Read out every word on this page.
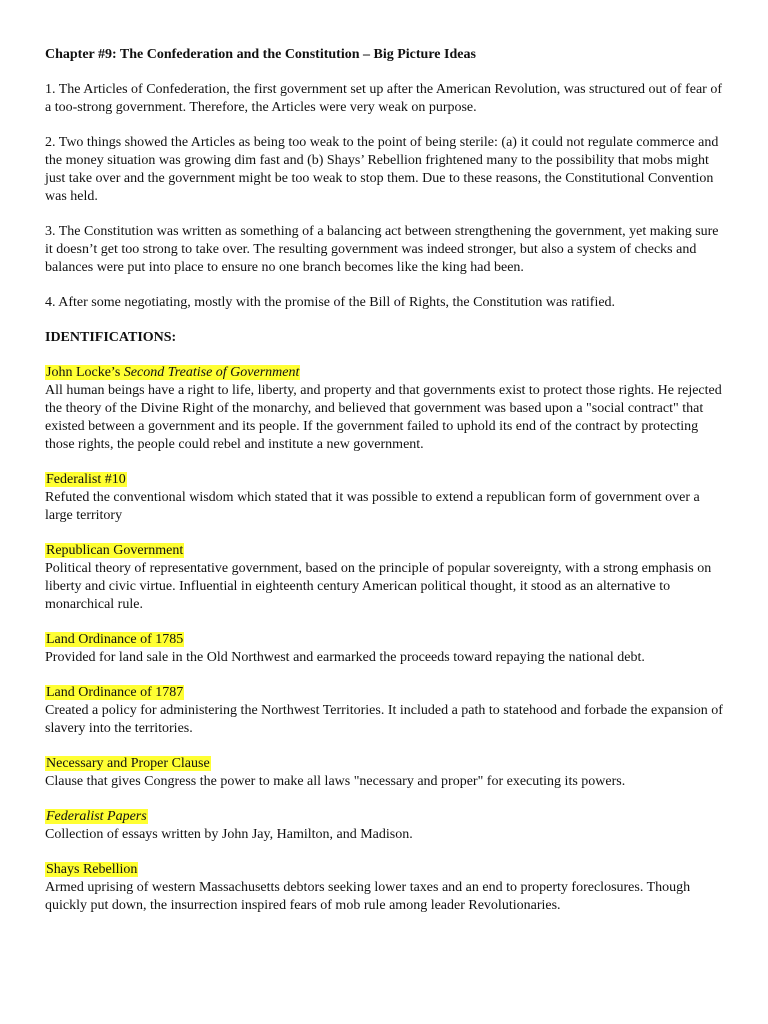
Chapter #9: The Confederation and the Constitution – Big Picture Ideas

1. The Articles of Confederation, the first government set up after the American Revolution, was structured out of fear of a too-strong government. Therefore, the Articles were very weak on purpose.

2. Two things showed the Articles as being too weak to the point of being sterile: (a) it could not regulate commerce and the money situation was growing dim fast and (b) Shays’ Rebellion frightened many to the possibility that mobs might just take over and the government might be too weak to stop them. Due to these reasons, the Constitutional Convention was held.

3. The Constitution was written as something of a balancing act between strengthening the government, yet making sure it doesn’t get too strong to take over. The resulting government was indeed stronger, but also a system of checks and balances were put into place to ensure no one branch becomes like the king had been.

4. After some negotiating, mostly with the promise of the Bill of Rights, the Constitution was ratified.

IDENTIFICATIONS:
John Locke’s Second Treatise of Government
All human beings have a right to life, liberty, and property and that governments exist to protect those rights. He rejected the theory of the Divine Right of the monarchy, and believed that government was based upon a "social contract" that existed between a government and its people. If the government failed to uphold its end of the contract by protecting those rights, the people could rebel and institute a new government.
Federalist #10
Refuted the conventional wisdom which stated that it was possible to extend a republican form of government over a large territory
Republican Government
Political theory of representative government, based on the principle of popular sovereignty, with a strong emphasis on liberty and civic virtue. Influential in eighteenth century American political thought, it stood as an alternative to monarchical rule.
Land Ordinance of 1785
Provided for land sale in the Old Northwest and earmarked the proceeds toward repaying the national debt.
Land Ordinance of 1787
Created a policy for administering the Northwest Territories. It included a path to statehood and forbade the expansion of slavery into the territories.
Necessary and Proper Clause
Clause that gives Congress the power to make all laws "necessary and proper" for executing its powers.
Federalist Papers
Collection of essays written by John Jay, Hamilton, and Madison.
Shays Rebellion
Armed uprising of western Massachusetts debtors seeking lower taxes and an end to property foreclosures. Though quickly put down, the insurrection inspired fears of mob rule among leader Revolutionaries.
